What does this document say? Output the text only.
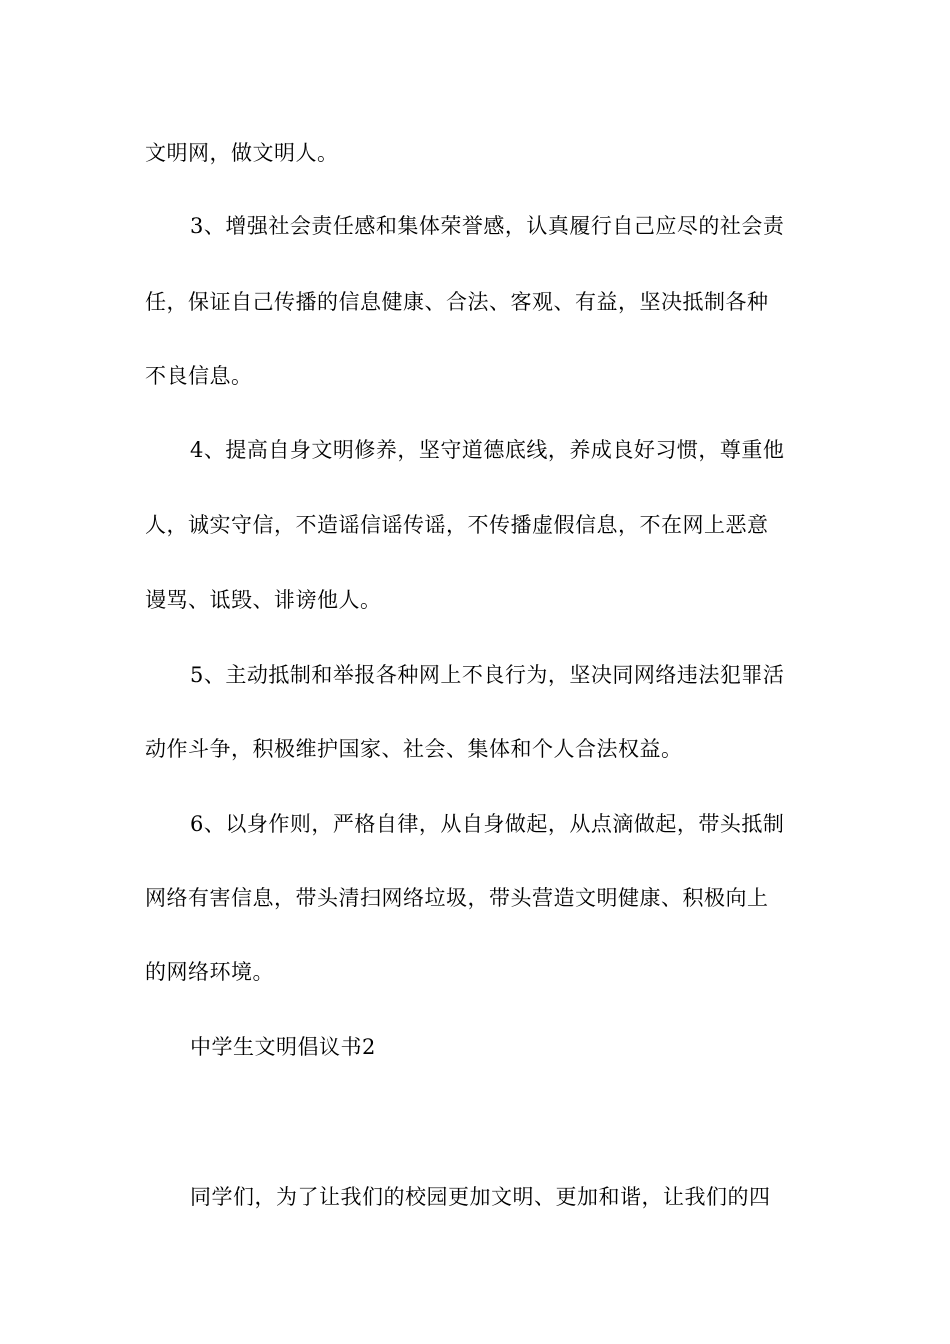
文明网，做文明人。
3、增强社会责任感和集体荣誉感，认真履行自己应尽的社会责
任，保证自己传播的信息健康、合法、客观、有益，坚决抵制各种
不良信息。
4、提高自身文明修养，坚守道德底线，养成良好习惯，尊重他
人，诚实守信，不造谣信谣传谣，不传播虚假信息，不在网上恶意
谩骂、诋毁、诽谤他人。
5、主动抵制和举报各种网上不良行为，坚决同网络违法犯罪活
动作斗争，积极维护国家、社会、集体和个人合法权益。
6、以身作则，严格自律，从自身做起，从点滴做起，带头抵制
网络有害信息，带头清扫网络垃圾，带头营造文明健康、积极向上
的网络环境。
中学生文明倡议书2
同学们，为了让我们的校园更加文明、更加和谐，让我们的四
